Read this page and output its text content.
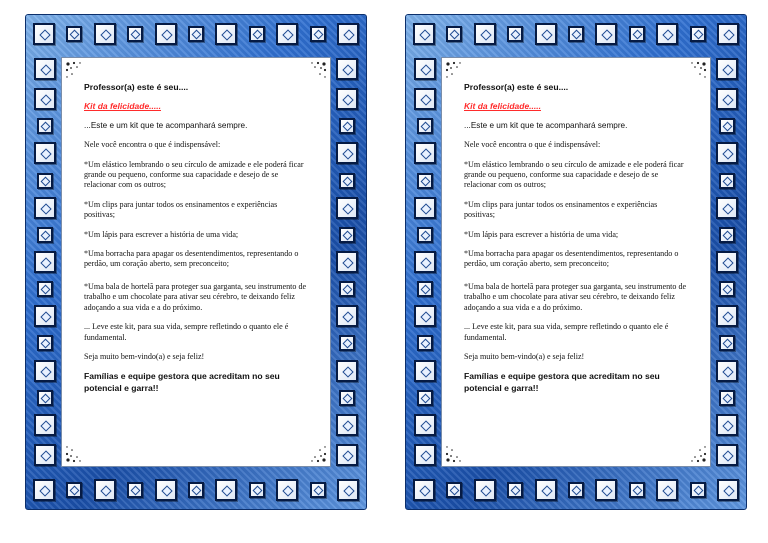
Professor(a) este é seu....

Kit da felicidade.....

...Este e um kit que te acompanhará sempre.

Nele você encontra o que é indispensável:

*Um elástico lembrando o seu círculo de amizade e ele poderá ficar grande ou pequeno, conforme sua capacidade e desejo de se relacionar com os outros;

*Um clips para juntar todos os ensinamentos e experiências positivas;

*Um lápis para escrever a história de uma vida;

*Uma borracha para apagar os desentendimentos, representando o perdão, um coração aberto, sem preconceito;

*Uma bala de hortelã para proteger sua garganta, seu instrumento de trabalho e um chocolate para ativar seu cérebro, te deixando feliz adoçando a sua vida e a do próximo.

... Leve este kit, para sua vida, sempre refletindo o quanto ele é fundamental.

Seja muito bem-vindo(a) e seja feliz!

Famílias e equipe gestora que acreditam no seu potencial e garra!!

Professor(a) este é seu....

Kit da felicidade.....

...Este e um kit que te acompanhará sempre.

Nele você encontra o que é indispensável:

*Um elástico lembrando o seu círculo de amizade e ele poderá ficar grande ou pequeno, conforme sua capacidade e desejo de se relacionar com os outros;

*Um clips para juntar todos os ensinamentos e experiências positivas;

*Um lápis para escrever a história de uma vida;

*Uma borracha para apagar os desentendimentos, representando o perdão, um coração aberto, sem preconceito;

*Uma bala de hortelã para proteger sua garganta, seu instrumento de trabalho e um chocolate para ativar seu cérebro, te deixando feliz adoçando a sua vida e a do próximo.

... Leve este kit, para sua vida, sempre refletindo o quanto ele é fundamental.

Seja muito bem-vindo(a) e seja feliz!

Famílias e equipe gestora que acreditam no seu potencial e garra!!
